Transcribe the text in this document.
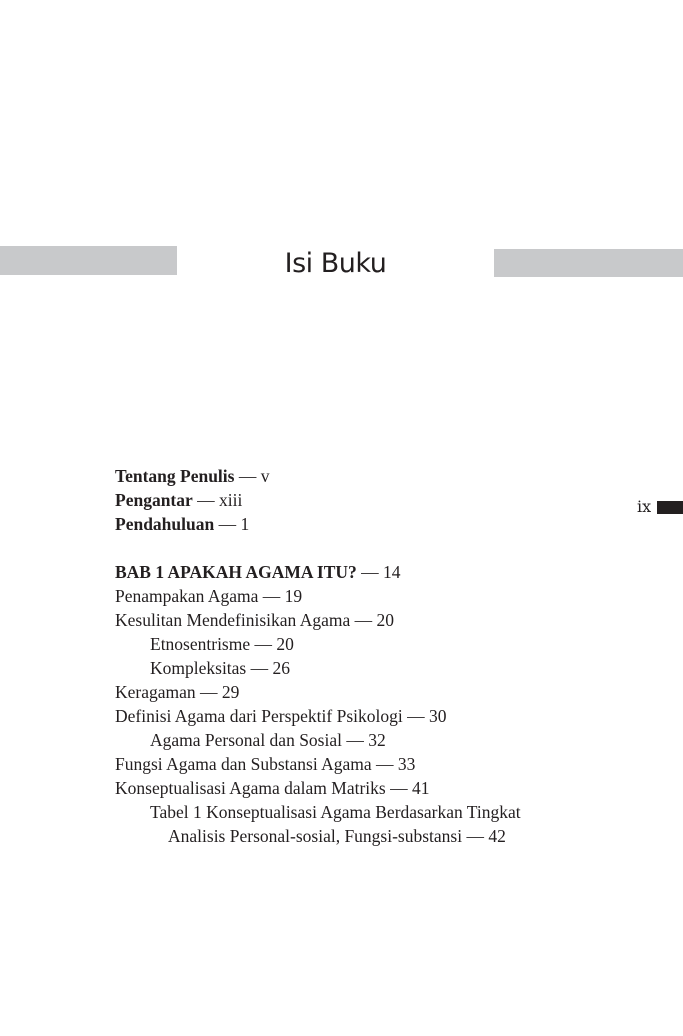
Isi Buku
ix
Tentang Penulis — v
Pengantar — xiii
Pendahuluan — 1
BAB 1 APAKAH AGAMA ITU? — 14
Penampakan Agama — 19
Kesulitan Mendefinisikan Agama — 20
Etnosentrisme — 20
Kompleksitas — 26
Keragaman — 29
Definisi Agama dari Perspektif Psikologi — 30
Agama Personal dan Sosial — 32
Fungsi Agama dan Substansi Agama — 33
Konseptualisasi Agama dalam Matriks — 41
Tabel 1 Konseptualisasi Agama Berdasarkan Tingkat
Analisis Personal-sosial, Fungsi-substansi — 42
